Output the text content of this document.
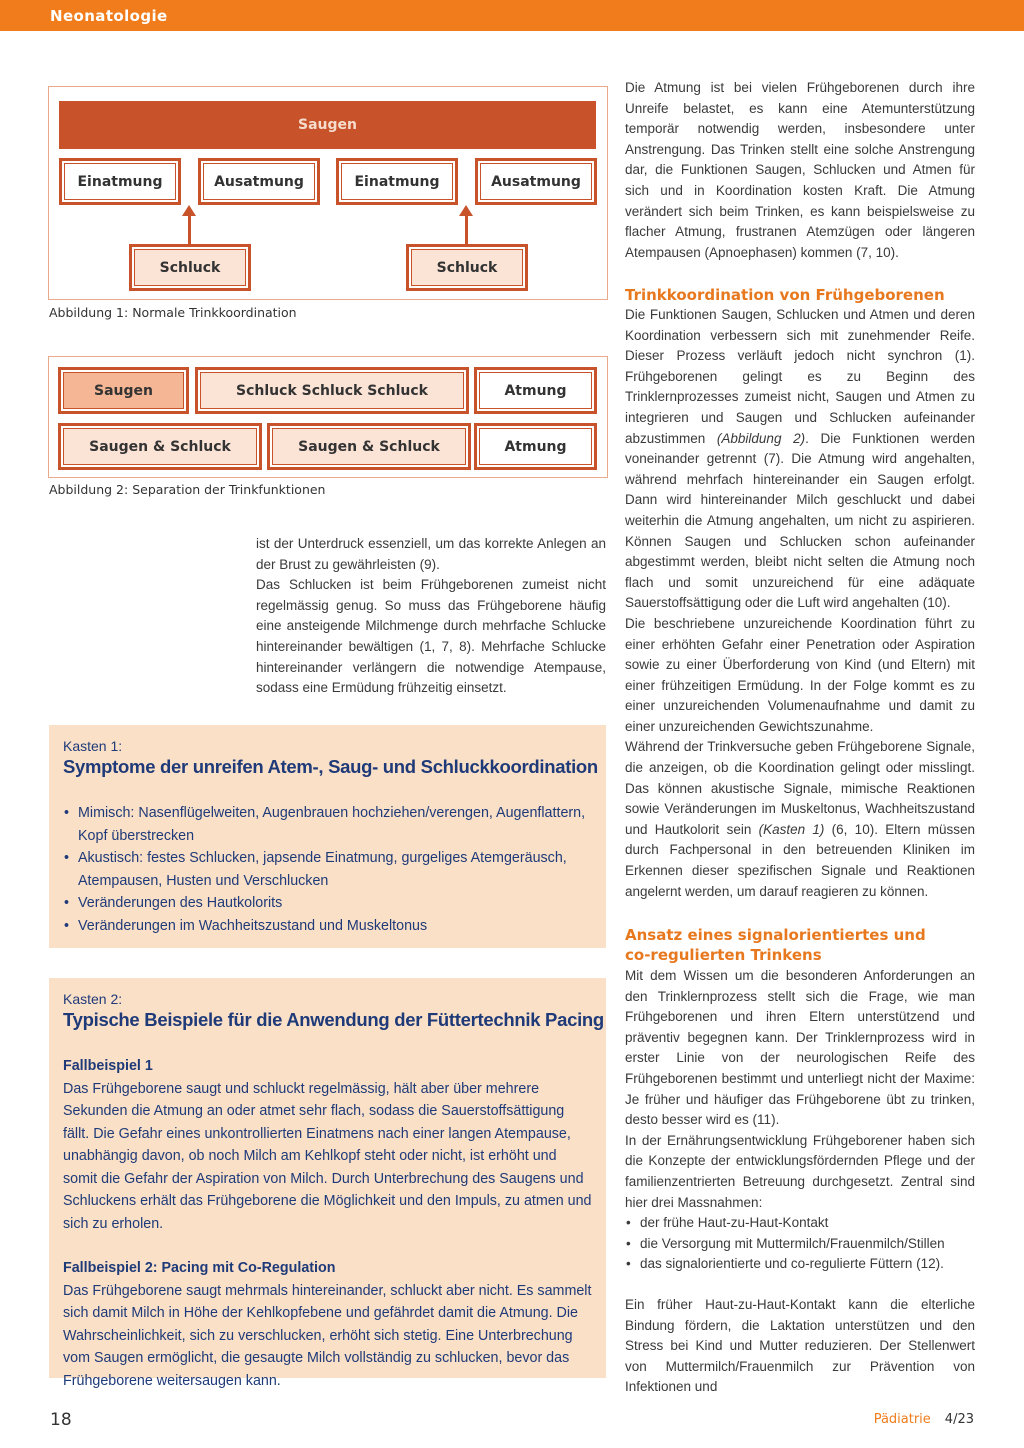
Neonatologie
Saugen
Einatmung	Ausatmung	Einatmung	Ausatmung
Schluck	Schluck
Abbildung 1: Normale Trinkkoordination
Saugen	Schluck Schluck Schluck	Atmung
Saugen & Schluck	Saugen & Schluck	Atmung
Abbildung 2: Separation der Trinkfunktionen

ist der Unterdruck essenziell, um das korrekte Anlegen an der Brust zu gewährleisten (9).

Das Schlucken ist beim Frühgeborenen zumeist nicht regelmässig genug. So muss das Frühgeborene häufig eine ansteigende Milchmenge durch mehrfache Schlucke hintereinander bewältigen (1, 7, 8). Mehrfache Schlucke hintereinander verlängern die notwendige Atempause, sodass eine Ermüdung frühzeitig einsetzt.

Kasten 1:
Symptome der unreifen Atem-, Saug- und Schluckkoordination
• Mimisch: Nasenflügelweiten, Augenbrauen hochziehen/verengen, Augenflattern, Kopf überstrecken
• Akustisch: festes Schlucken, japsende Einatmung, gurgeliges Atemgeräusch, Atempausen, Husten und Verschlucken
• Veränderungen des Hautkolorits
• Veränderungen im Wachheitszustand und Muskeltonus
Kasten 2:
Typische Beispiele für die Anwendung der Füttertechnik Pacing
Fallbeispiel 1
Das Frühgeborene saugt und schluckt regelmässig, hält aber über mehrere Sekunden die Atmung an oder atmet sehr flach, sodass die Sauerstoffsättigung fällt. Die Gefahr eines unkontrollierten Einatmens nach einer langen Atempause, unabhängig davon, ob noch Milch am Kehlkopf steht oder nicht, ist erhöht und somit die Gefahr der Aspiration von Milch. Durch Unterbrechung des Saugens und Schluckens erhält das Frühgeborene die Möglichkeit und den Impuls, zu atmen und sich zu erholen.
Fallbeispiel 2: Pacing mit Co-Regulation
Das Frühgeborene saugt mehrmals hintereinander, schluckt aber nicht. Es sammelt sich damit Milch in Höhe der Kehlkopfebene und gefährdet damit die Atmung. Die Wahrscheinlichkeit, sich zu verschlucken, erhöht sich stetig. Eine Unterbrechung vom Saugen ermöglicht, die gesaugte Milch vollständig zu schlucken, bevor das Frühgeborene weitersaugen kann.

Die Atmung ist bei vielen Frühgeborenen durch ihre Unreife belastet, es kann eine Atemunterstützung temporär notwendig werden, insbesondere unter Anstrengung. Das Trinken stellt eine solche Anstrengung dar, die Funktionen Saugen, Schlucken und Atmen für sich und in Koordination kosten Kraft. Die Atmung verändert sich beim Trinken, es kann beispielsweise zu flacher Atmung, frustranen Atemzügen oder längeren Atempausen (Apnoephasen) kommen (7, 10).

Trinkkoordination von Frühgeborenen

Die Funktionen Saugen, Schlucken und Atmen und deren Koordination verbessern sich mit zunehmender Reife. Dieser Prozess verläuft jedoch nicht synchron (1). Frühgeborenen gelingt es zu Beginn des Trinklernprozesses zumeist nicht, Saugen und Atmen zu integrieren und Saugen und Schlucken aufeinander abzustimmen (Abbildung 2). Die Funktionen werden voneinander getrennt (7). Die Atmung wird angehalten, während mehrfach hintereinander ein Saugen erfolgt. Dann wird hintereinander Milch geschluckt und dabei weiterhin die Atmung angehalten, um nicht zu aspirieren. Können Saugen und Schlucken schon aufeinander abgestimmt werden, bleibt nicht selten die Atmung noch flach und somit unzureichend für eine adäquate Sauerstoffsättigung oder die Luft wird angehalten (10).

Die beschriebene unzureichende Koordination führt zu einer erhöhten Gefahr einer Penetration oder Aspiration sowie zu einer Überforderung von Kind (und Eltern) mit einer frühzeitigen Ermüdung. In der Folge kommt es zu einer unzureichenden Volumenaufnahme und damit zu einer unzureichenden Gewichtszunahme.

Während der Trinkversuche geben Frühgeborene Signale, die anzeigen, ob die Koordination gelingt oder misslingt. Das können akustische Signale, mimische Reaktionen sowie Veränderungen im Muskeltonus, Wachheitszustand und Hautkolorit sein (Kasten 1) (6, 10). Eltern müssen durch Fachpersonal in den betreuenden Kliniken im Erkennen dieser spezifischen Signale und Reaktionen angelernt werden, um darauf reagieren zu können.

Ansatz eines signalorientiertes und co-regulierten Trinkens

Mit dem Wissen um die besonderen Anforderungen an den Trinklernprozess stellt sich die Frage, wie man Frühgeborenen und ihren Eltern unterstützend und präventiv begegnen kann. Der Trinklernprozess wird in erster Linie von der neurologischen Reife des Frühgeborenen bestimmt und unterliegt nicht der Maxime: Je früher und häufiger das Frühgeborene übt zu trinken, desto besser wird es (11).

In der Ernährungsentwicklung Frühgeborener haben sich die Konzepte der entwicklungsfördernden Pflege und der familienzentrierten Betreuung durchgesetzt. Zentral sind hier drei Massnahmen:

• der frühe Haut-zu-Haut-Kontakt
• die Versorgung mit Muttermilch/Frauenmilch/Stillen
• das signalorientierte und co-regulierte Füttern (12).

Ein früher Haut-zu-Haut-Kontakt kann die elterliche Bindung fördern, die Laktation unterstützen und den Stress bei Kind und Mutter reduzieren. Der Stellenwert von Muttermilch/Frauenmilch zur Prävention von Infektionen und

18	Pädiatrie 4/23
